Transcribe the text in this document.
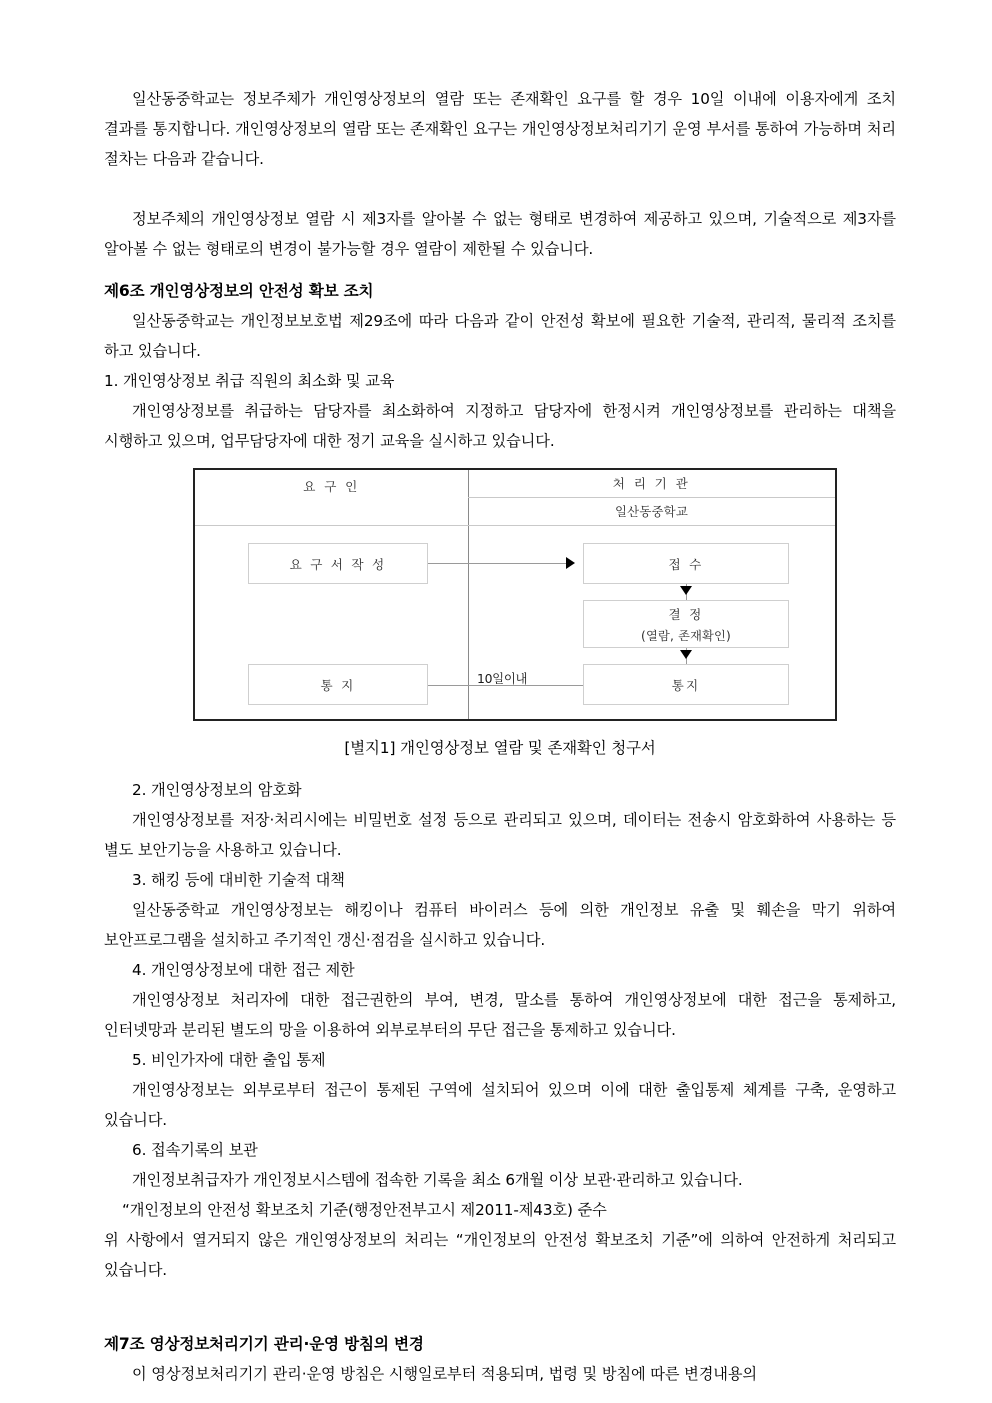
일산동중학교는 정보주체가 개인영상정보의 열람 또는 존재확인 요구를 할 경우 10일 이내에 이용자에게 조치 결과를 통지합니다. 개인영상정보의 열람 또는 존재확인 요구는 개인영상정보처리기기 운영 부서를 통하여 가능하며 처리 절차는 다음과 같습니다.

정보주체의 개인영상정보 열람 시 제3자를 알아볼 수 없는 형태로 변경하여 제공하고 있으며, 기술적으로 제3자를 알아볼 수 없는 형태로의 변경이 불가능할 경우 열람이 제한될 수 있습니다.

제6조 개인영상정보의 안전성 확보 조치

일산동중학교는 개인정보보호법 제29조에 따라 다음과 같이 안전성 확보에 필요한 기술적, 관리적, 물리적 조치를 하고 있습니다.

1. 개인영상정보 취급 직원의 최소화 및 교육

개인영상정보를 취급하는 담당자를 최소화하여 지정하고 담당자에 한정시켜 개인영상정보를 관리하는 대책을 시행하고 있으며, 업무담당자에 대한 정기 교육을 실시하고 있습니다.

요 구 인	처 리 기 관
일산동중학교
요 구 서 작 성	접 수
결 정
(열람, 존재확인)
통지
10일이내
통 지

[별지1] 개인영상정보 열람 및 존재확인 청구서

2. 개인영상정보의 암호화

개인영상정보를 저장·처리시에는 비밀번호 설정 등으로 관리되고 있으며, 데이터는 전송시 암호화하여 사용하는 등 별도 보안기능을 사용하고 있습니다.

3. 해킹 등에 대비한 기술적 대책

일산동중학교 개인영상정보는 해킹이나 컴퓨터 바이러스 등에 의한 개인정보 유출 및 훼손을 막기 위하여 보안프로그램을 설치하고 주기적인 갱신·점검을 실시하고 있습니다.

4. 개인영상정보에 대한 접근 제한

개인영상정보 처리자에 대한 접근권한의 부여, 변경, 말소를 통하여 개인영상정보에 대한 접근을 통제하고, 인터넷망과 분리된 별도의 망을 이용하여 외부로부터의 무단 접근을 통제하고 있습니다.

5. 비인가자에 대한 출입 통제

개인영상정보는 외부로부터 접근이 통제된 구역에 설치되어 있으며 이에 대한 출입통제 체계를 구축, 운영하고 있습니다.

6. 접속기록의 보관

개인정보취급자가 개인정보시스템에 접속한 기록을 최소 6개월 이상 보관·관리하고 있습니다.

“개인정보의 안전성 확보조치 기준(행정안전부고시 제2011-제43호) 준수

위 사항에서 열거되지 않은 개인영상정보의 처리는 “개인정보의 안전성 확보조치 기준”에 의하여 안전하게 처리되고 있습니다.

제7조 영상정보처리기기 관리·운영 방침의 변경

이 영상정보처리기기 관리·운영 방침은 시행일로부터 적용되며, 법령 및 방침에 따른 변경내용의
